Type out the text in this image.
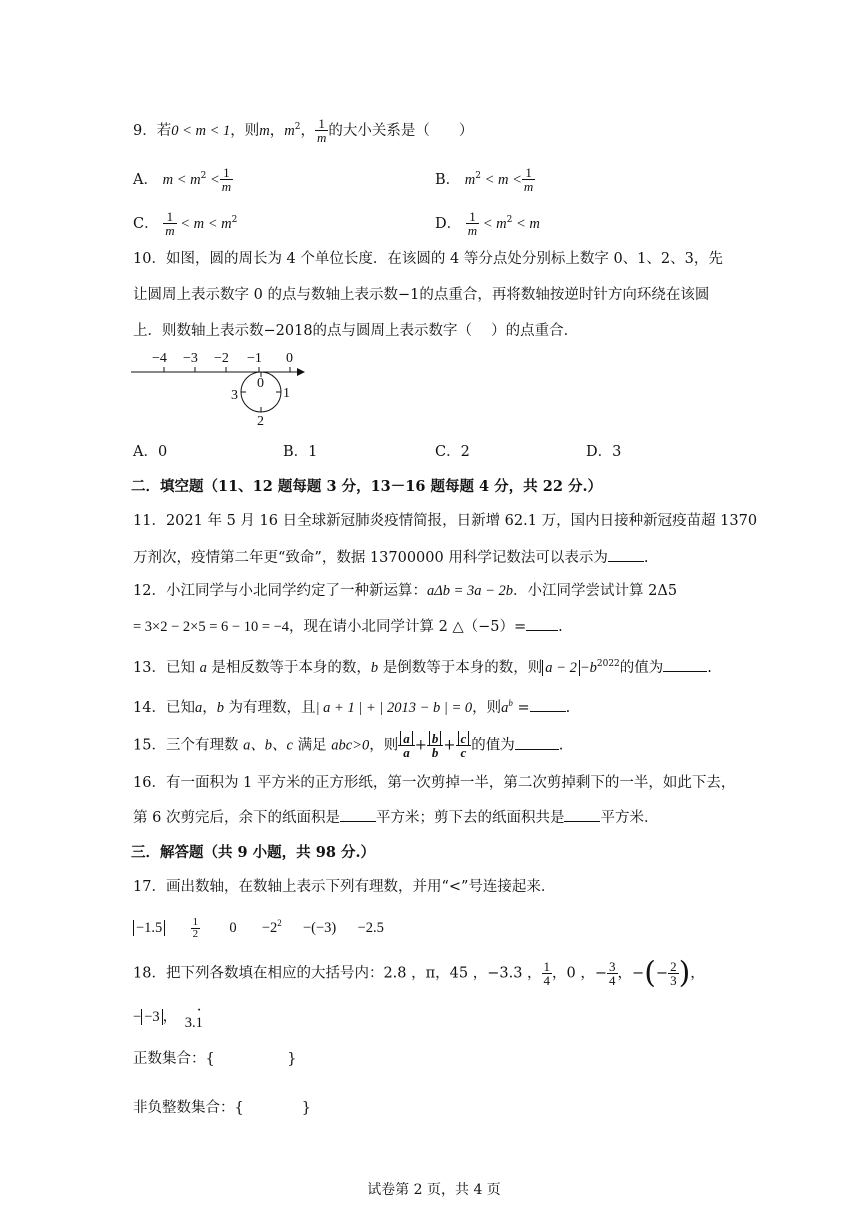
9．若0 < m < 1，则m，$m^2$， $\frac{1}{m}$ 的大小关系是（　　）
A． $m < m^2 < \frac{1}{m}$	B． $m^2 < m < \frac{1}{m}$
C． $\frac{1}{m} < m < m^2$	D． $\frac{1}{m} < m^2 < m$
10．如图，圆的周长为 4 个单位长度．在该圆的 4 等分点处分别标上数字 0、1、2、3，先
让圆周上表示数字 0 的点与数轴上表示数−1的点重合，再将数轴按逆时针方向环绕在该圆
上．则数轴上表示数−2018的点与圆周上表示数字（　 ）的点重合．
−4 −3 −2 −1 0
0
1
2
3
A．0	B．1	C．2	D．3
二．填空题（11、12 题每题 3 分，13－16 题每题 4 分，共 22 分.）
11．2021 年 5 月 16 日全球新冠肺炎疫情简报，日新增 62.1 万，国内日接种新冠疫苗超 1370
万剂次，疫情第二年更“致命”，数据 13700000 用科学记数法可以表示为 .
12．小江同学与小北同学约定了一种新运算：aΔb = 3a − 2b．小江同学尝试计算 2Δ5
= 3×2 − 2×5 = 6 − 10 = −4，现在请小北同学计算 2 △（−5）= .
13．已知 a 是相反数等于本身的数，b 是倒数等于本身的数，则 $a - 2 -b^{2022}$的值为	.
14．已知a，b 为有理数，且| a + 1 | + | 2013 − b | = 0，则$a^b$ = .
15．三个有理数 a、b、c 满足 abc>0，则 $\frac{a}{a} + \frac{b}{b} + \frac{c}{c}$ 的值为	.
16．有一面积为 1 平方米的正方形纸，第一次剪掉一半，第二次剪掉剩下的一半，如此下去，
第 6 次剪完后，余下的纸面积是 平方米；剪下去的纸面积共是 平方米．
三．解答题（共 9 小题，共 98 分.）
17．画出数轴，在数轴上表示下列有理数，并用“<”号连接起来．
−1.5	$\frac{1}{2} 0 -2^2 -(-3) -2.5$
18．把下列各数填在相应的大括号内：2.8 ，π，45 ，−3.3 ， $\frac{1}{4}$ ，0 ，− $\frac{3}{4}$ ，−(− $\frac{2}{3}$ )，
− −3 ， 3.1
·
正数集合：{　　　　　}
非负整数集合：{　　　　}
试卷第 2 页，共 4 页
